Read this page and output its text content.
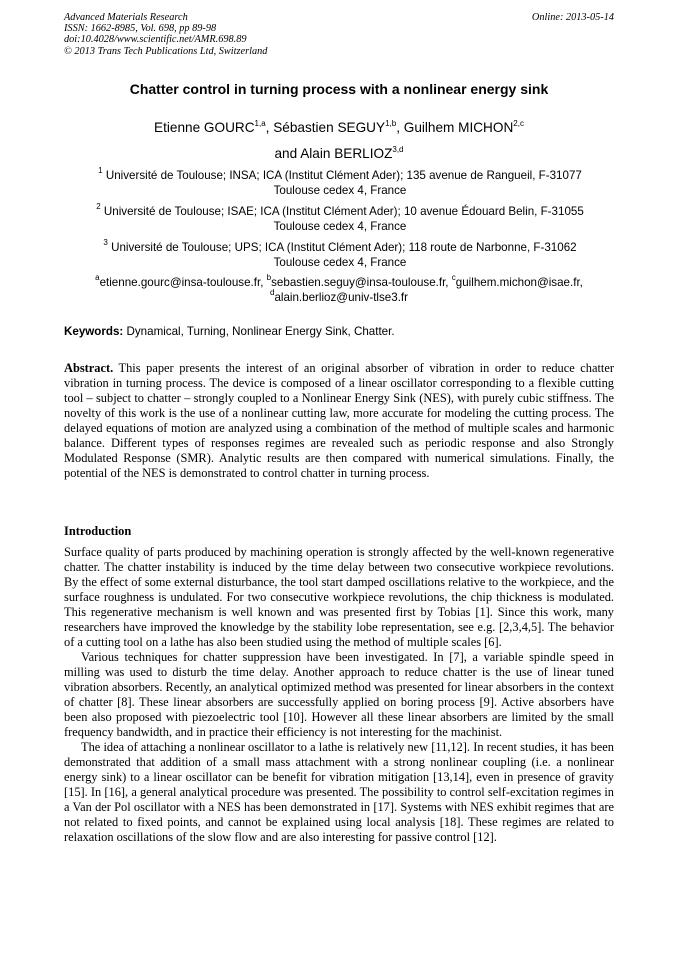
Advanced Materials Research
ISSN: 1662-8985, Vol. 698, pp 89-98
doi:10.4028/www.scientific.net/AMR.698.89
© 2013 Trans Tech Publications Ltd, Switzerland
Online: 2013-05-14
Chatter control in turning process with a nonlinear energy sink
Etienne GOURC$^{1,a}$, Sébastien SEGUY$^{1,b}$, Guilhem MICHON$^{2,c}$
and Alain BERLIOZ$^{3,d}$
$^1$ Université de Toulouse; INSA; ICA (Institut Clément Ader); 135 avenue de Rangueil, F-31077
Toulouse cedex 4, France
$^2$ Université de Toulouse; ISAE; ICA (Institut Clément Ader); 10 avenue Édouard Belin, F-31055
Toulouse cedex 4, France
$^3$ Université de Toulouse; UPS; ICA (Institut Clément Ader); 118 route de Narbonne, F-31062
Toulouse cedex 4, France
$^a$etienne.gourc@insa-toulouse.fr, $^b$sebastien.seguy@insa-toulouse.fr, $^c$guilhem.michon@isae.fr,
$^d$alain.berlioz@univ-tlse3.fr
Keywords: Dynamical, Turning, Nonlinear Energy Sink, Chatter.

Abstract. This paper presents the interest of an original absorber of vibration in order to reduce chatter vibration in turning process. The device is composed of a linear oscillator corresponding to a flexible cutting tool – subject to chatter – strongly coupled to a Nonlinear Energy Sink (NES), with purely cubic stiffness. The novelty of this work is the use of a nonlinear cutting law, more accurate for modeling the cutting process. The delayed equations of motion are analyzed using a combination of the method of multiple scales and harmonic balance. Different types of responses regimes are revealed such as periodic response and also Strongly Modulated Response (SMR). Analytic results are then compared with numerical simulations. Finally, the potential of the NES is demonstrated to control chatter in turning process.

Introduction

Surface quality of parts produced by machining operation is strongly affected by the well-known regenerative chatter. The chatter instability is induced by the time delay between two consecutive workpiece revolutions. By the effect of some external disturbance, the tool start damped oscillations relative to the workpiece, and the surface roughness is undulated. For two consecutive workpiece revolutions, the chip thickness is modulated. This regenerative mechanism is well known and was presented first by Tobias [1]. Since this work, many researchers have improved the knowledge by the stability lobe representation, see e.g. [2,3,4,5]. The behavior of a cutting tool on a lathe has also been studied using the method of multiple scales [6].

Various techniques for chatter suppression have been investigated. In [7], a variable spindle speed in milling was used to disturb the time delay. Another approach to reduce chatter is the use of linear tuned vibration absorbers. Recently, an analytical optimized method was presented for linear absorbers in the context of chatter [8]. These linear absorbers are successfully applied on boring process [9]. Active absorbers have been also proposed with piezoelectric tool [10]. However all these linear absorbers are limited by the small frequency bandwidth, and in practice their efficiency is not interesting for the machinist.

The idea of attaching a nonlinear oscillator to a lathe is relatively new [11,12]. In recent studies, it has been demonstrated that addition of a small mass attachment with a strong nonlinear coupling (i.e. a nonlinear energy sink) to a linear oscillator can be benefit for vibration mitigation [13,14], even in presence of gravity [15]. In [16], a general analytical procedure was presented. The possibility to control self-excitation regimes in a Van der Pol oscillator with a NES has been demonstrated in [17]. Systems with NES exhibit regimes that are not related to fixed points, and cannot be explained using local analysis [18]. These regimes are related to relaxation oscillations of the slow flow and are also interesting for passive control [12].
